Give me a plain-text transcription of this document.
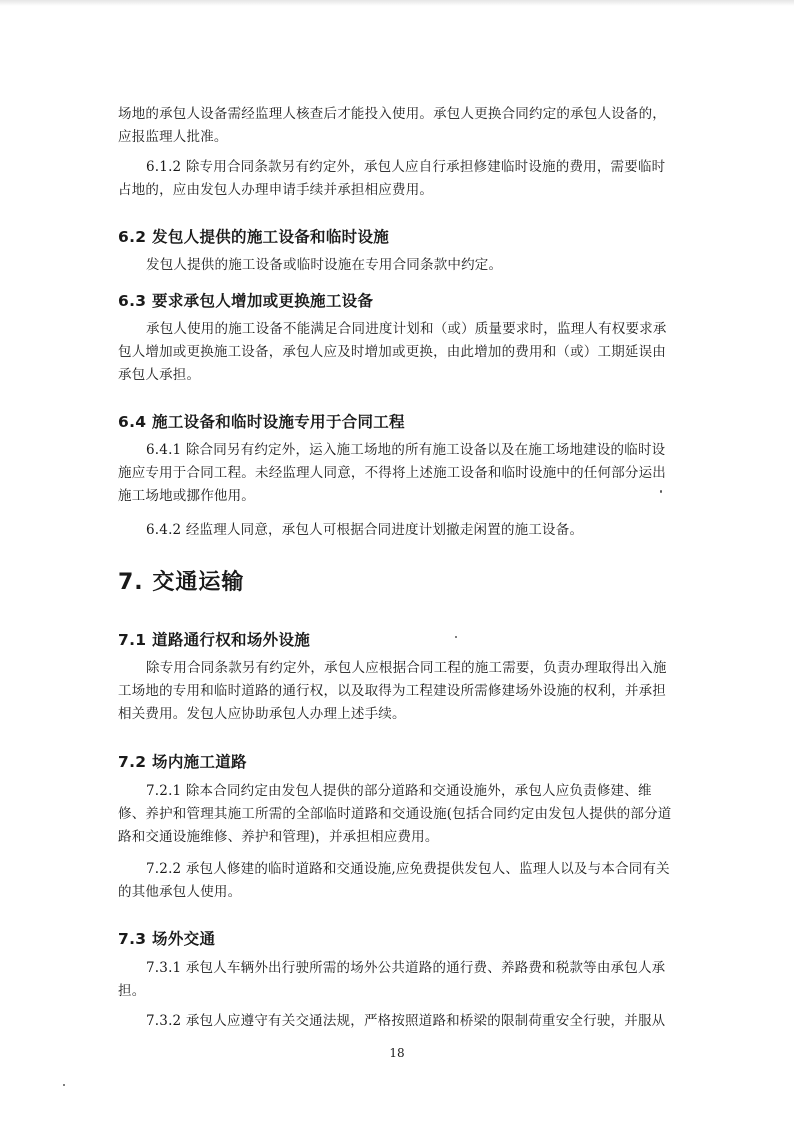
场地的承包人设备需经监理人核查后才能投入使用。承包人更换合同约定的承包人设备的，应报监理人批准。

6.1.2 除专用合同条款另有约定外，承包人应自行承担修建临时设施的费用，需要临时占地的，应由发包人办理申请手续并承担相应费用。

6.2 发包人提供的施工设备和临时设施

发包人提供的施工设备或临时设施在专用合同条款中约定。

6.3 要求承包人增加或更换施工设备

承包人使用的施工设备不能满足合同进度计划和（或）质量要求时，监理人有权要求承包人增加或更换施工设备，承包人应及时增加或更换，由此增加的费用和（或）工期延误由承包人承担。

6.4 施工设备和临时设施专用于合同工程

6.4.1 除合同另有约定外，运入施工场地的所有施工设备以及在施工场地建设的临时设施应专用于合同工程。未经监理人同意，不得将上述施工设备和临时设施中的任何部分运出施工场地或挪作他用。

6.4.2 经监理人同意，承包人可根据合同进度计划撤走闲置的施工设备。

7. 交通运输
7.1 道路通行权和场外设施

除专用合同条款另有约定外，承包人应根据合同工程的施工需要，负责办理取得出入施工场地的专用和临时道路的通行权，以及取得为工程建设所需修建场外设施的权利，并承担相关费用。发包人应协助承包人办理上述手续。

7.2 场内施工道路

7.2.1 除本合同约定由发包人提供的部分道路和交通设施外，承包人应负责修建、维修、养护和管理其施工所需的全部临时道路和交通设施(包括合同约定由发包人提供的部分道路和交通设施维修、养护和管理)，并承担相应费用。

7.2.2 承包人修建的临时道路和交通设施,应免费提供发包人、监理人以及与本合同有关的其他承包人使用。

7.3 场外交通

7.3.1 承包人车辆外出行驶所需的场外公共道路的通行费、养路费和税款等由承包人承担。

7.3.2 承包人应遵守有关交通法规，严格按照道路和桥梁的限制荷重安全行驶，并服从

18
